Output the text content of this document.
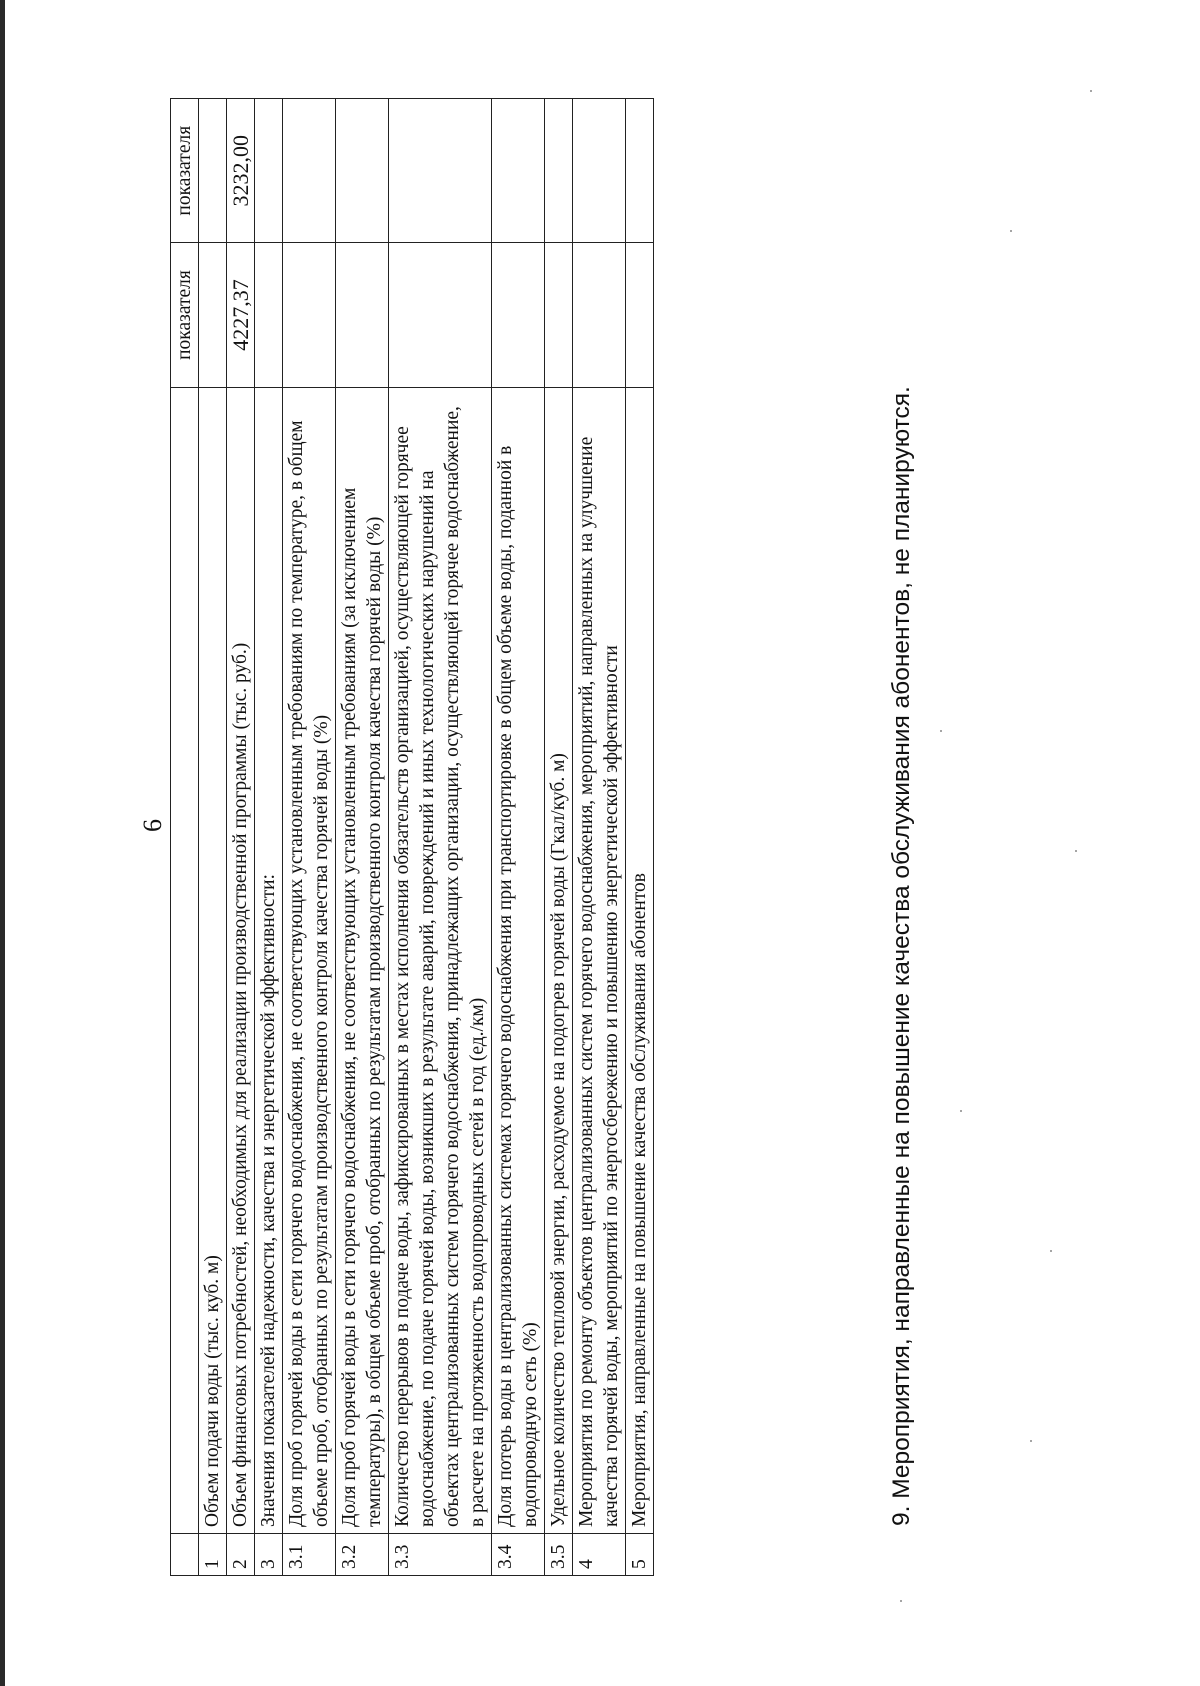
6
		показателя	показателя
1	Объем подачи воды (тыс. куб. м)		
2	Объем финансовых потребностей, необходимых для реализации производственной программы (тыс. руб.)	4227,37	3232,00
3	Значения показателей надежности, качества и энергетической эффективности:		
3.1	Доля проб горячей воды в сети горячего водоснабжения, не соответствующих установленным требованиям по температуре, в общем объеме проб, отобранных по результатам производственного контроля качества горячей воды (%)		
3.2	Доля проб горячей воды в сети горячего водоснабжения, не соответствующих установленным требованиям (за исключением температуры), в общем объеме проб, отобранных по результатам производственного контроля качества горячей воды (%)		
3.3	Количество перерывов в подаче воды, зафиксированных в местах исполнения обязательств организацией, осуществляющей горячее водоснабжение, по подаче горячей воды, возникших в результате аварий, повреждений и иных технологических нарушений на объектах централизованных систем горячего водоснабжения, принадлежащих организации, осуществляющей горячее водоснабжение, в расчете на протяженность водопроводных сетей в год (ед./км)		
3.4	Доля потерь воды в централизованных системах горячего водоснабжения при транспортировке в общем объеме воды, поданной в водопроводную сеть (%)		
3.5	Удельное количество тепловой энергии, расходуемое на подогрев горячей воды (Гкал/куб. м)		
4	Мероприятия по ремонту объектов централизованных систем горячего водоснабжения, мероприятий, направленных на улучшение качества горячей воды, мероприятий по энергосбережению и повышению энергетической эффективности		
5	Мероприятия, направленные на повышение качества обслуживания абонентов			9. Мероприятия, направленные на повышение качества обслуживания абонентов, не планируются.
